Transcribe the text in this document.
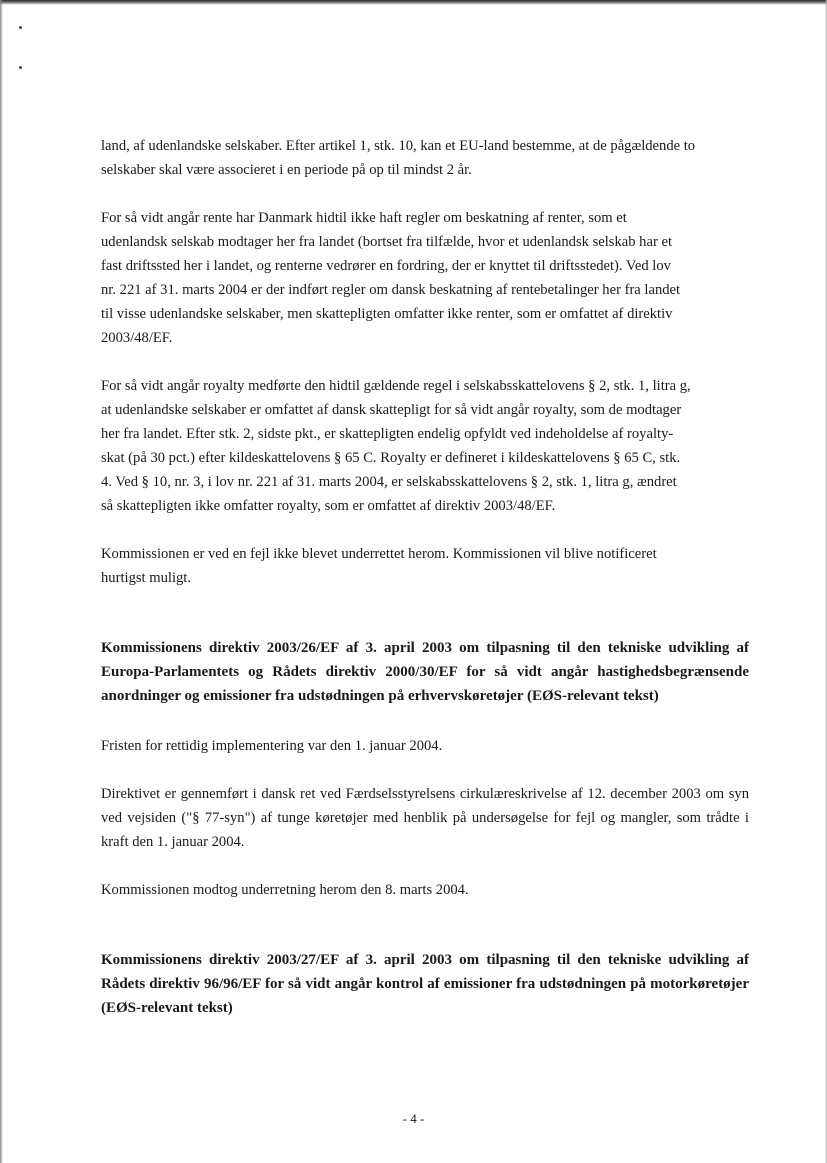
land, af udenlandske selskaber. Efter artikel 1, stk. 10, kan et EU-land bestemme, at de pågældende to selskaber skal være associeret i en periode på op til mindst 2 år.

For så vidt angår rente har Danmark hidtil ikke haft regler om beskatning af renter, som et udenlandsk selskab modtager her fra landet (bortset fra tilfælde, hvor et udenlandsk selskab har et fast driftssted her i landet, og renterne vedrører en fordring, der er knyttet til driftsstedet). Ved lov nr. 221 af 31. marts 2004 er der indført regler om dansk beskatning af rentebetalinger her fra landet til visse udenlandske selskaber, men skattepligten omfatter ikke renter, som er omfattet af direktiv 2003/48/EF.

For så vidt angår royalty medførte den hidtil gældende regel i selskabsskattelovens § 2, stk. 1, litra g, at udenlandske selskaber er omfattet af dansk skattepligt for så vidt angår royalty, som de modtager her fra landet. Efter stk. 2, sidste pkt., er skattepligten endelig opfyldt ved indeholdelse af royalty-skat (på 30 pct.) efter kildeskattelovens § 65 C. Royalty er defineret i kildeskattelovens § 65 C, stk. 4. Ved § 10, nr. 3, i lov nr. 221 af 31. marts 2004, er selskabsskattelovens § 2, stk. 1, litra g, ændret så skattepligten ikke omfatter royalty, som er omfattet af direktiv 2003/48/EF.

Kommissionen er ved en fejl ikke blevet underrettet herom. Kommissionen vil blive notificeret hurtigst muligt.

Kommissionens direktiv 2003/26/EF af 3. april 2003 om tilpasning til den tekniske udvikling af Europa-Parlamentets og Rådets direktiv 2000/30/EF for så vidt angår hastighedsbegrænsende anordninger og emissioner fra udstødningen på erhvervskøretøjer (EØS-relevant tekst)

Fristen for rettidig implementering var den 1. januar 2004.

Direktivet er gennemført i dansk ret ved Færdselsstyrelsens cirkulæreskrivelse af 12. december 2003 om syn ved vejsiden ("§ 77-syn") af tunge køretøjer med henblik på undersøgelse for fejl og mangler, som trådte i kraft den 1. januar 2004.

Kommissionen modtog underretning herom den 8. marts 2004.

Kommissionens direktiv 2003/27/EF af 3. april 2003 om tilpasning til den tekniske udvikling af Rådets direktiv 96/96/EF for så vidt angår kontrol af emissioner fra udstødningen på motorkøretøjer (EØS-relevant tekst)
- 4 -
